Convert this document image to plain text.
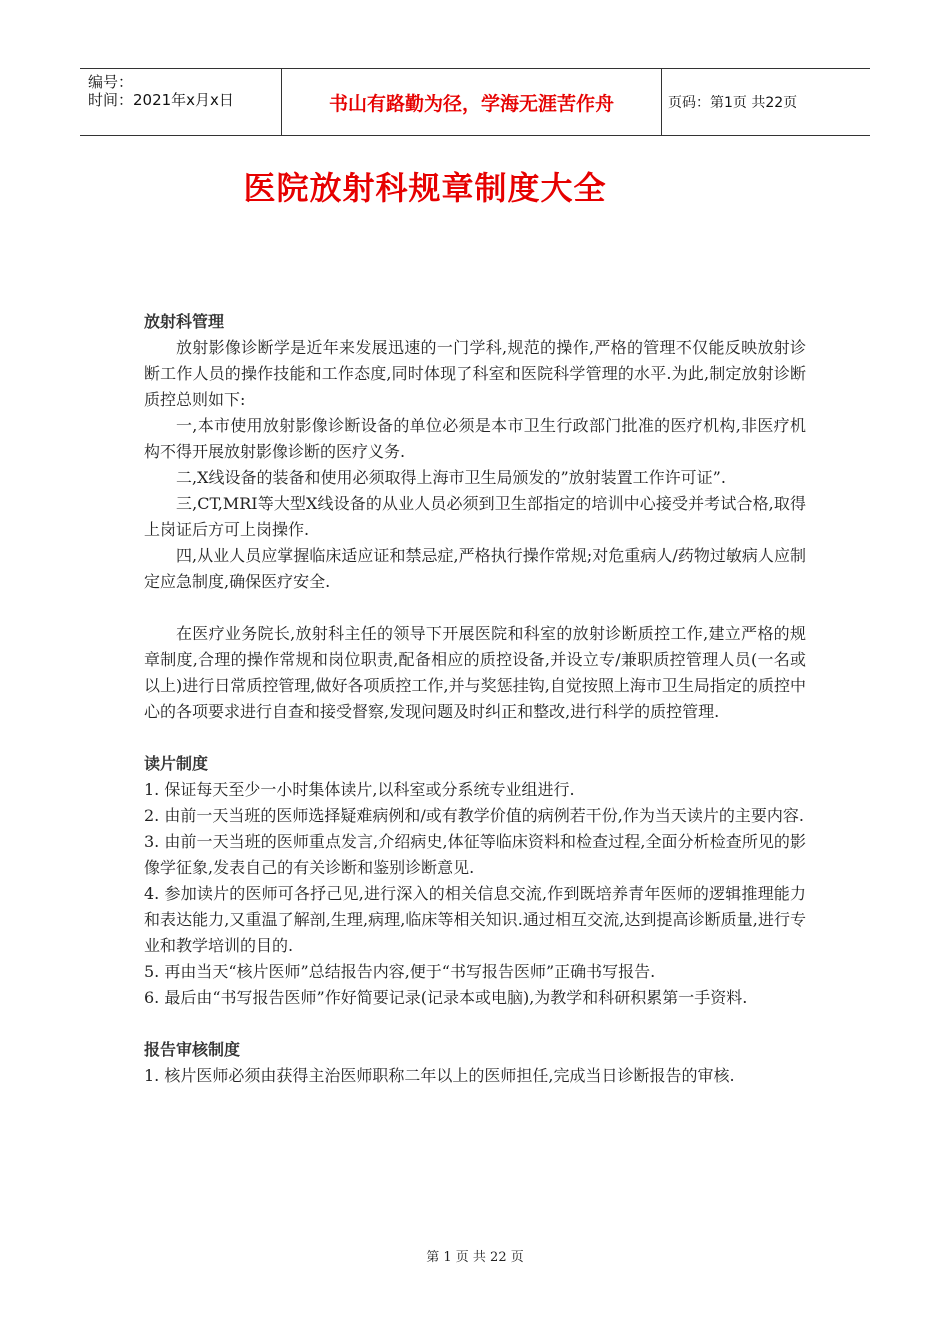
编号：
时间：2021年x月x日	书山有路勤为径，学海无涯苦作舟	页码：第1页 共22页
医院放射科规章制度大全
放射科管理

放射影像诊断学是近年来发展迅速的一门学科,规范的操作,严格的管理不仅能反映放射诊断工作人员的操作技能和工作态度,同时体现了科室和医院科学管理的水平.为此,制定放射诊断质控总则如下:

一,本市使用放射影像诊断设备的单位必须是本市卫生行政部门批准的医疗机构,非医疗机构不得开展放射影像诊断的医疗义务.

二,X线设备的装备和使用必须取得上海市卫生局颁发的”放射装置工作许可证”.

三,CT,MRI等大型X线设备的从业人员必须到卫生部指定的培训中心接受并考试合格,取得上岗证后方可上岗操作.

四,从业人员应掌握临床适应证和禁忌症,严格执行操作常规;对危重病人/药物过敏病人应制定应急制度,确保医疗安全.

在医疗业务院长,放射科主任的领导下开展医院和科室的放射诊断质控工作,建立严格的规章制度,合理的操作常规和岗位职责,配备相应的质控设备,并设立专/兼职质控管理人员(一名或以上)进行日常质控管理,做好各项质控工作,并与奖惩挂钩,自觉按照上海市卫生局指定的质控中心的各项要求进行自查和接受督察,发现问题及时纠正和整改,进行科学的质控管理.

读片制度

1. 保证每天至少一小时集体读片,以科室或分系统专业组进行.

2. 由前一天当班的医师选择疑难病例和/或有教学价值的病例若干份,作为当天读片的主要内容.

3. 由前一天当班的医师重点发言,介绍病史,体征等临床资料和检查过程,全面分析检查所见的影像学征象,发表自己的有关诊断和鉴别诊断意见.

4. 参加读片的医师可各抒己见,进行深入的相关信息交流,作到既培养青年医师的逻辑推理能力和表达能力,又重温了解剖,生理,病理,临床等相关知识.通过相互交流,达到提高诊断质量,进行专业和教学培训的目的.

5. 再由当天“核片医师”总结报告内容,便于“书写报告医师”正确书写报告.

6. 最后由“书写报告医师”作好简要记录(记录本或电脑),为教学和科研积累第一手资料.

报告审核制度

1. 核片医师必须由获得主治医师职称二年以上的医师担任,完成当日诊断报告的审核.

第 1 页 共 22 页
